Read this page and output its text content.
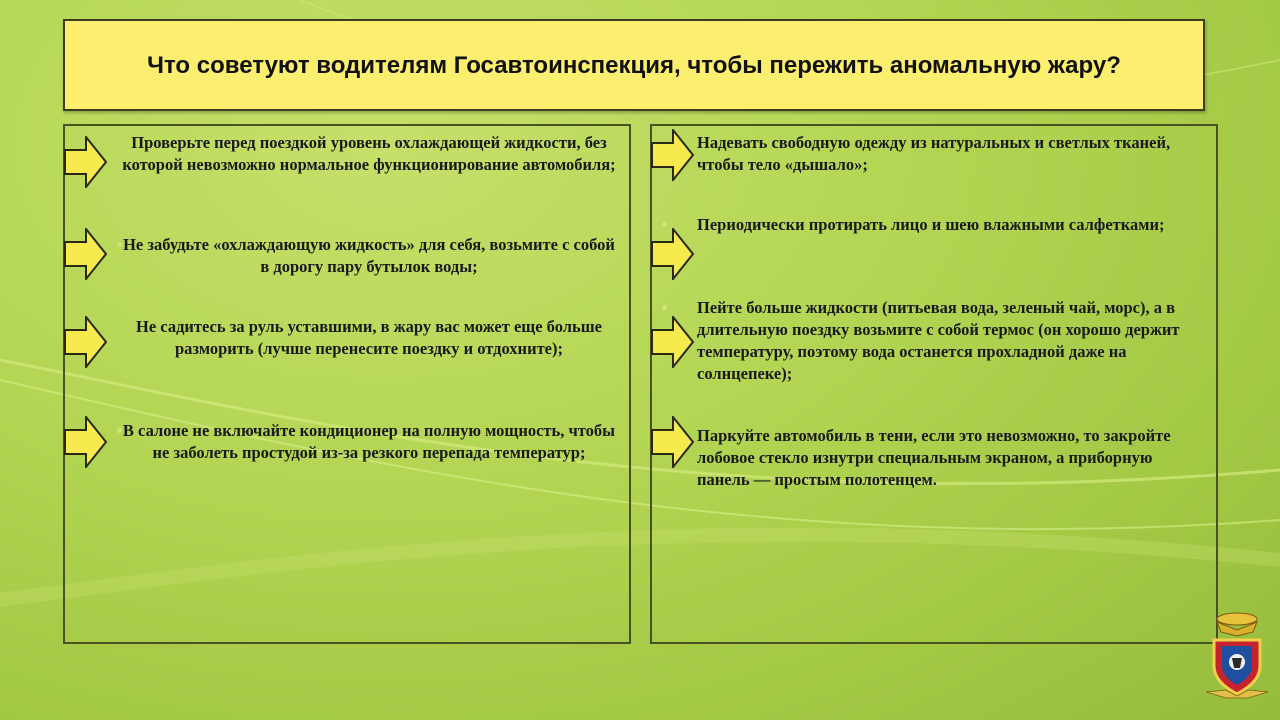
Что советуют водителям Госавтоинспекция, чтобы пережить аномальную жару?
Проверьте перед поездкой уровень охлаждающей жидкости, без которой невозможно нормальное функционирование автомобиля;
Не забудьте «охлаждающую жидкость» для себя, возьмите с собой в дорогу пару бутылок воды;
Не садитесь за руль уставшими, в жару вас может еще больше разморить (лучше перенесите поездку и отдохните);
В салоне не включайте кондиционер на полную мощность, чтобы не заболеть простудой из-за резкого перепада температур;
Надевать свободную одежду из натуральных и светлых тканей, чтобы тело «дышало»;
Периодически протирать лицо и шею влажными салфетками;
Пейте больше жидкости (питьевая вода, зеленый чай, морс), а в длительную поездку возьмите с собой термос (он хорошо держит температуру, поэтому вода останется прохладной даже на солнцепеке);
Паркуйте автомобиль в тени, если это невозможно, то закройте лобовое стекло изнутри специальным экраном, а приборную панель — простым полотенцем.
